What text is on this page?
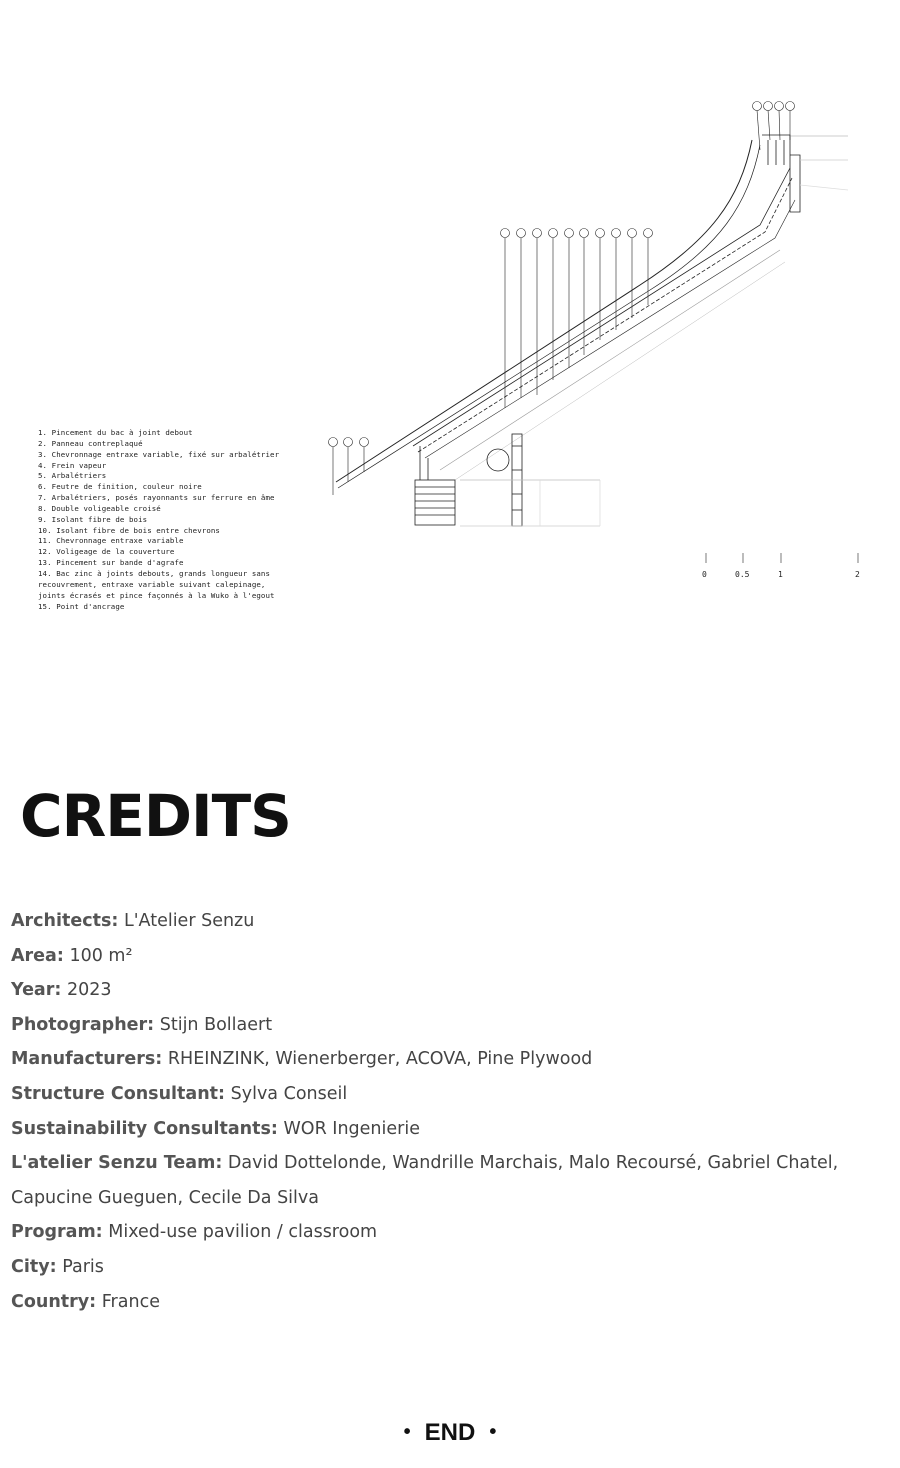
0	0.5	1	2
1. Pincement du bac à joint debout
2. Panneau contreplaqué
3. Chevronnage entraxe variable, fixé sur arbalétrier
4. Frein vapeur
5. Arbalétriers
6. Feutre de finition, couleur noire
7. Arbalétriers, posés rayonnants sur ferrure en âme
8. Double voligeable croisé
9. Isolant fibre de bois
10. Isolant fibre de bois entre chevrons
11. Chevronnage entraxe variable
12. Voligeage de la couverture
13. Pincement sur bande d'agrafe
14. Bac zinc à joints debouts, grands longueur sans
recouvrement, entraxe variable suivant calepinage,
joints écrasés et pince façonnés à la Wuko à l'egout
15. Point d'ancrage
CREDITS
Architects: L'Atelier Senzu
Area: 100 m²
Year: 2023
Photographer: Stijn Bollaert
Manufacturers: RHEINZINK, Wienerberger, ACOVA, Pine Plywood
Structure Consultant: Sylva Conseil
Sustainability Consultants: WOR Ingenierie
L'atelier Senzu Team: David Dottelonde, Wandrille Marchais, Malo Recoursé, Gabriel Chatel,
Capucine Gueguen, Cecile Da Silva
Program: Mixed-use pavilion / classroom
City: Paris
Country: France
• END •
